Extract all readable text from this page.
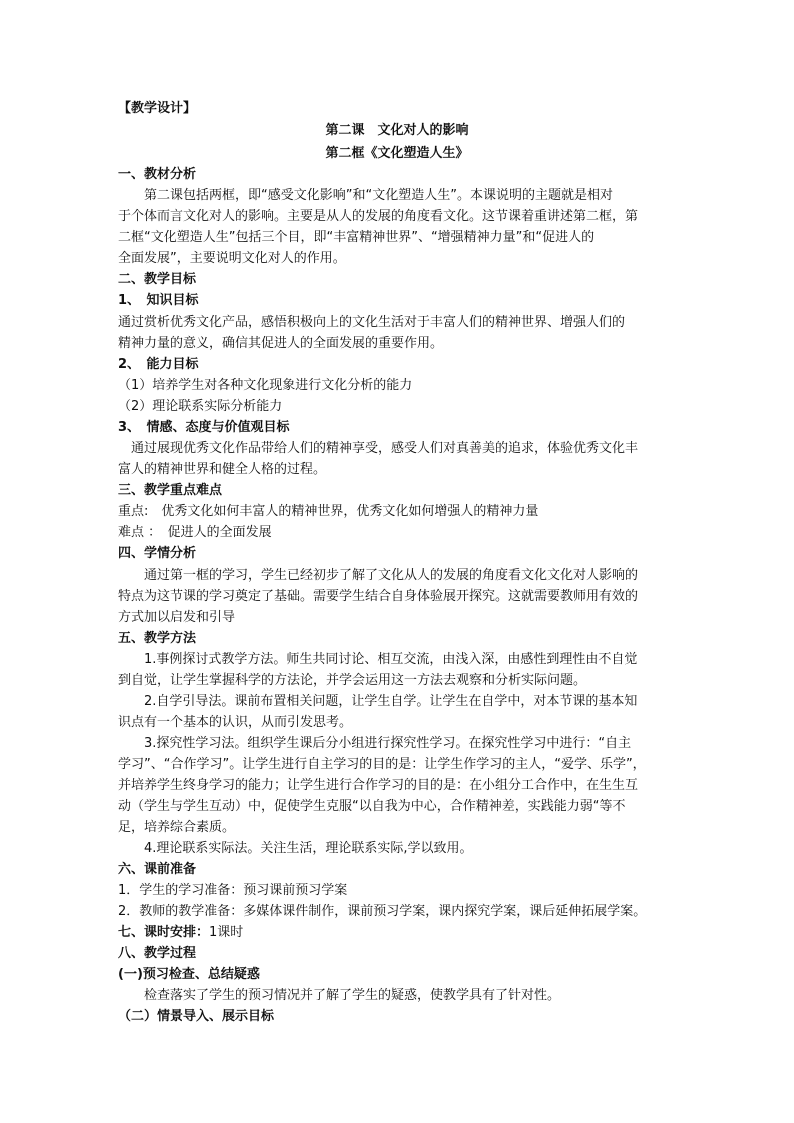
【教学设计】
第二课　文化对人的影响
第二框《文化塑造人生》
一、教材分析
　　第二课包括两框，即“感受文化影响”和“文化塑造人生”。本课说明的主题就是相对
于个体而言文化对人的影响。主要是从人的发展的角度看文化。这节课着重讲述第二框，第
二框“文化塑造人生”包括三个目，即“丰富精神世界”、“增强精神力量”和“促进人的
全面发展”，主要说明文化对人的作用。
二、教学目标
1、　知识目标
通过赏析优秀文化产品，感悟积极向上的文化生活对于丰富人们的精神世界、增强人们的
精神力量的意义，确信其促进人的全面发展的重要作用。
2、　能力目标
（1）培养学生对各种文化现象进行文化分析的能力
（2）理论联系实际分析能力
3、　情感、态度与价值观目标
　通过展现优秀文化作品带给人们的精神享受，感受人们对真善美的追求，体验优秀文化丰
富人的精神世界和健全人格的过程。
三、教学重点难点
重点:　优秀文化如何丰富人的精神世界，优秀文化如何增强人的精神力量
难点 ：　促进人的全面发展
四、学情分析
　　通过第一框的学习，学生已经初步了解了文化从人的发展的角度看文化文化对人影响的
特点为这节课的学习奠定了基础。需要学生结合自身体验展开探究。这就需要教师用有效的
方式加以启发和引导
五、教学方法
　　1.事例探讨式教学方法。师生共同讨论、相互交流，由浅入深，由感性到理性由不自觉
到自觉，让学生掌握科学的方法论，并学会运用这一方法去观察和分析实际问题。
　　2.自学引导法。课前布置相关问题，让学生自学。让学生在自学中，对本节课的基本知
识点有一个基本的认识，从而引发思考。
　　3.探究性学习法。组织学生课后分小组进行探究性学习。在探究性学习中进行：“自主
学习”、“合作学习”。让学生进行自主学习的目的是：让学生作学习的主人，“爱学、乐学”，
并培养学生终身学习的能力；让学生进行合作学习的目的是：在小组分工合作中，在生生互
动（学生与学生互动）中，促使学生克服“以自我为中心，合作精神差，实践能力弱“等不
足，培养综合素质。
　　4.理论联系实际法。关注生活，理论联系实际,学以致用。
六、课前准备
1．学生的学习准备：预习课前预习学案
2．教师的教学准备：多媒体课件制作，课前预习学案，课内探究学案，课后延伸拓展学案。
七、课时安排：1课时
八、教学过程
(一)预习检查、总结疑惑
　　检查落实了学生的预习情况并了解了学生的疑惑，使教学具有了针对性。
（二）情景导入、展示目标
